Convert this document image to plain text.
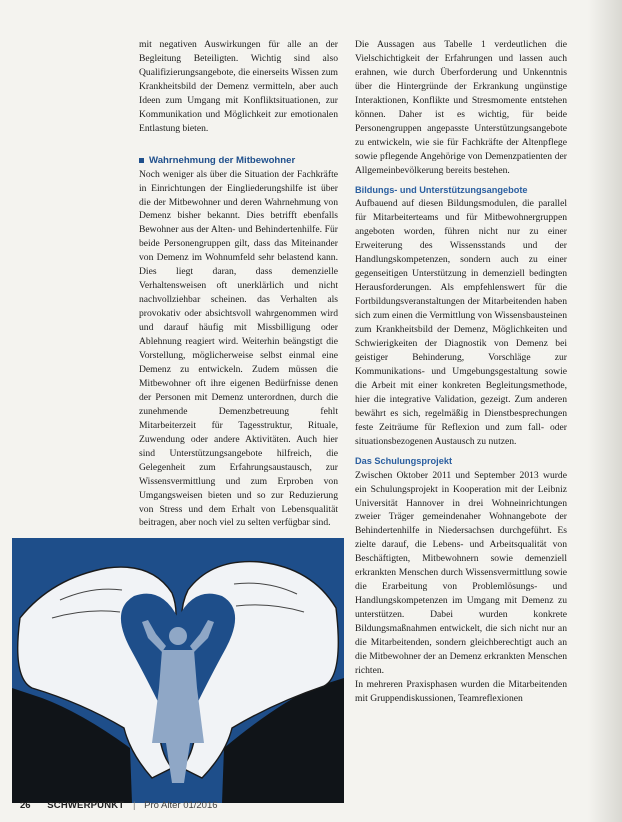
mit negativen Auswirkungen für alle an der Begleitung Beteiligten. Wichtig sind also Qualifizierungsangebote, die einerseits Wissen zum Krankheitsbild der Demenz vermitteln, aber auch Ideen zum Umgang mit Konfliktsituationen, zur Kommunikation und Möglichkeit zur emotionalen Entlastung bieten.

Wahrnehmung der Mitbewohner

Noch weniger als über die Situation der Fachkräfte in Einrichtungen der Eingliederungshilfe ist über die der Mitbewohner und deren Wahrnehmung von Demenz bisher bekannt. Dies betrifft ebenfalls Bewohner aus der Alten- und Behindertenhilfe. Für beide Personengruppen gilt, dass das Miteinander von Demenz im Wohnumfeld sehr belastend kann. Dies liegt daran, dass demenzielle Verhaltensweisen oft unerklärlich und nicht nachvollziehbar scheinen. das Verhalten als provokativ oder absichtsvoll wahrgenommen wird und darauf häufig mit Missbilligung oder Ablehnung reagiert wird. Weiterhin beängstigt die Vorstellung, möglicherweise selbst einmal eine Demenz zu entwickeln. Zudem müssen die Mitbewohner oft ihre eigenen Bedürfnisse denen der Personen mit Demenz unterordnen, durch die zunehmende Demenzbetreuung fehlt Mitarbeiterzeit für Tagesstruktur, Rituale, Zuwendung oder andere Aktivitäten. Auch hier sind Unterstützungsangebote hilfreich, die Gelegenheit zum Erfahrungsaustausch, zur Wissensvermittlung und zum Erproben von Umgangsweisen bieten und so zur Reduzierung von Stress und dem Erhalt von Lebensqualität beitragen, aber noch viel zu selten verfügbar sind.

Die Aussagen aus Tabelle 1 verdeutlichen die Vielschichtigkeit der Erfahrungen und lassen auch erahnen, wie durch Überforderung und Unkenntnis über die Hintergründe der Erkrankung ungünstige Interaktionen, Konflikte und Stresmomente entstehen können. Daher ist es wichtig, für beide Personengruppen angepasste Unterstützungsangebote zu entwickeln, wie sie für Fachkräfte der Altenpflege sowie pflegende Angehörige von Demenzpatienten der Allgemeinbevölkerung bereits bestehen.

Bildungs- und Unterstützungsangebote

Aufbauend auf diesen Bildungsmodulen, die parallel für Mitarbeiterteams und für Mitbewohnergruppen angeboten worden, führen nicht nur zu einer Erweiterung des Wissensstands und der Handlungskompetenzen, sondern auch zu einer gegenseitigen Unterstützung in demenziell bedingten Herausforderungen. Als empfehlenswert für die Fortbildungsveranstaltungen der Mitarbeitenden haben sich zum einen die Vermittlung von Wissensbausteinen zum Krankheitsbild der Demenz, Möglichkeiten und Schwierigkeiten der Diagnostik von Demenz bei geistiger Behinderung, Vorschläge zur Kommunikations- und Umgebungsgestaltung sowie die Arbeit mit einer konkreten Begleitungsmethode, hier die integrative Validation, gezeigt. Zum anderen bewährt es sich, regelmäßig in Dienstbesprechungen feste Zeiträume für Reflexion und zum fall- oder situationsbezogenen Austausch zu nutzen.

Das Schulungsprojekt

Zwischen Oktober 2011 und September 2013 wurde ein Schulungsprojekt in Kooperation mit der Leibniz Universität Hannover in drei Wohneinrichtungen zweier Träger gemeindenaher Wohnangebote der Behindertenhilfe in Niedersachsen durchgeführt. Es zielte darauf, die Lebens- und Arbeitsqualität von Beschäftigten, Mitbewohnern sowie demenziell erkrankten Menschen durch Wissensvermittlung sowie die Erarbeitung von Problemlösungs- und Handlungskompetenzen im Umgang mit Demenz zu unterstützen. Dabei wurden konkrete Bildungsmaßnahmen entwickelt, die sich nicht nur an die Mitarbeitenden, sondern gleichberechtigt auch an die Mitbewohner der an Demenz erkrankten Menschen richten.

In mehreren Praxisphasen wurden die Mitarbeitenden mit Gruppendiskussionen, Teamreflexionen

26 SCHWERPUNKT | Pro Alter 01/2016
